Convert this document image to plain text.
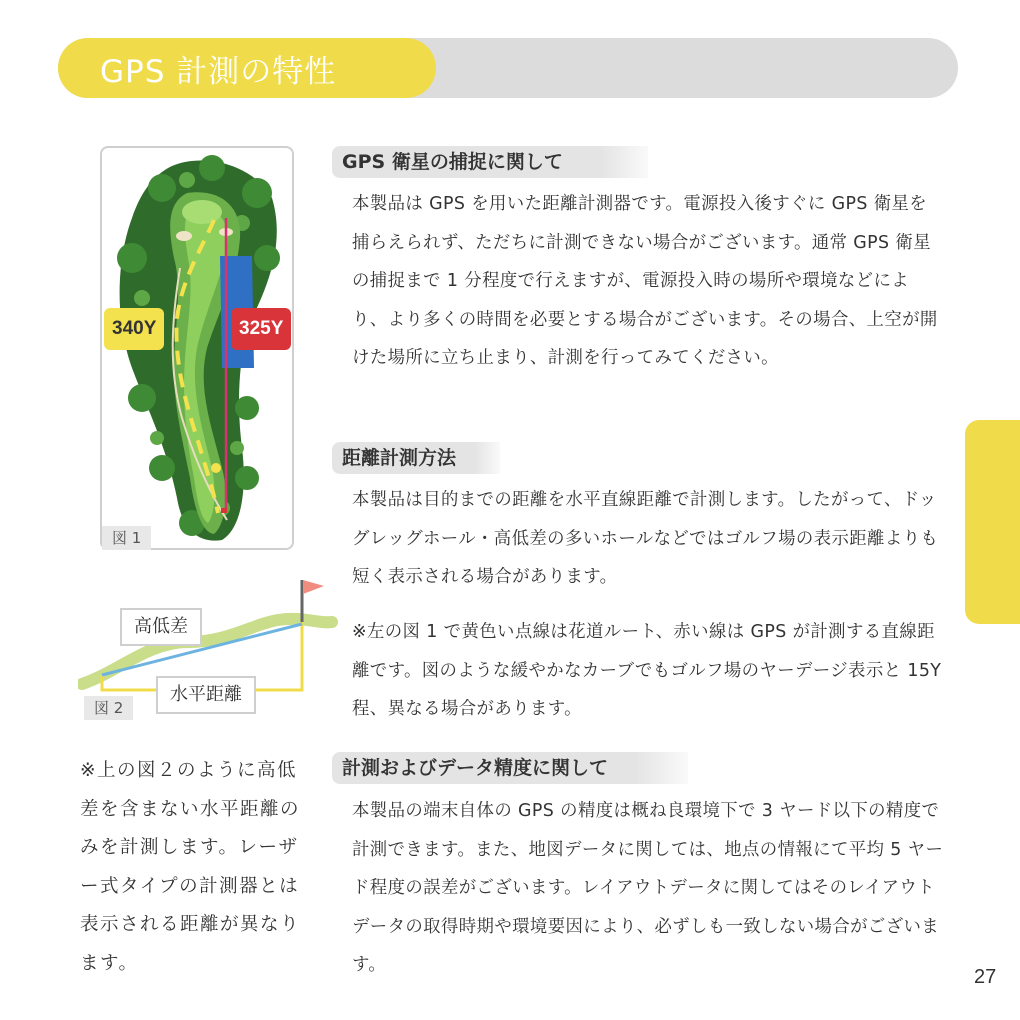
GPS 計測の特性
340Y	325Y
図 1
高低差
水平距離
図 2
※上の図２のように高低差を含まない水平距離のみを計測します。レーザー式タイプの計測器とは表示される距離が異なります。
GPS 衛星の捕捉に関して
本製品は GPS を用いた距離計測器です。電源投入後すぐに GPS 衛星を捕らえられず、ただちに計測できない場合がございます。通常 GPS 衛星の捕捉まで 1 分程度で行えますが、電源投入時の場所や環境などにより、より多くの時間を必要とする場合がございます。その場合、上空が開けた場所に立ち止まり、計測を行ってみてください。
距離計測方法
本製品は目的までの距離を水平直線距離で計測します。したがって、ドッグレッグホール・高低差の多いホールなどではゴルフ場の表示距離よりも短く表示される場合があります。
※左の図 1 で黄色い点線は花道ルート、赤い線は GPS が計測する直線距離です。図のような緩やかなカーブでもゴルフ場のヤーデージ表示と 15Y 程、異なる場合があります。
計測およびデータ精度に関して
本製品の端末自体の GPS の精度は概ね良環境下で 3 ヤード以下の精度で計測できます。また、地図データに関しては、地点の情報にて平均 5 ヤード程度の誤差がございます。レイアウトデータに関してはそのレイアウトデータの取得時期や環境要因により、必ずしも一致しない場合がございます。
27
